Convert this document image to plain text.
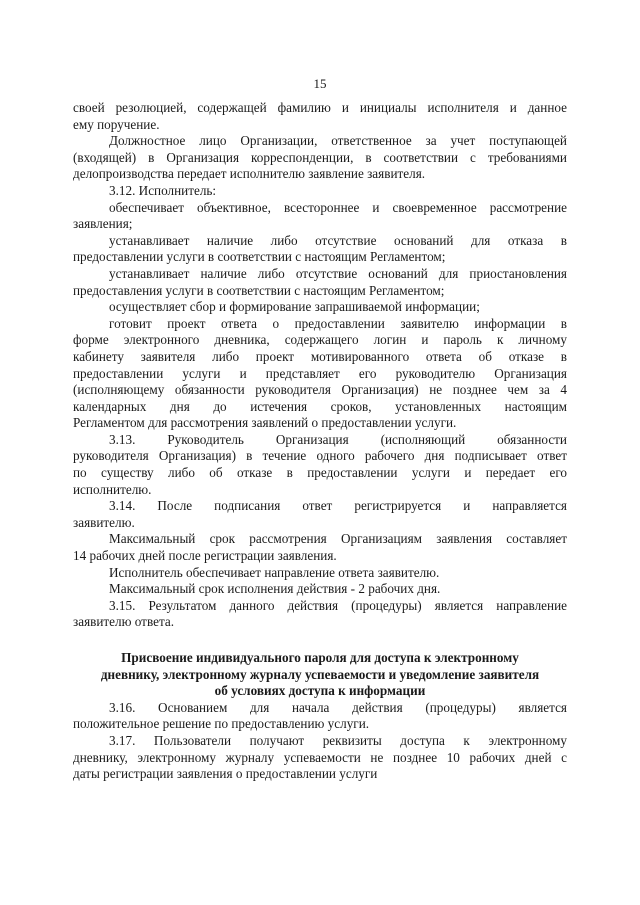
15
своей резолюцией, содержащей фамилию и инициалы исполнителя и данное
ему поручение.
Должностное лицо Организации, ответственное за учет поступающей
(входящей) в Организация корреспонденции, в соответствии с требованиями
делопроизводства передает исполнителю заявление заявителя.
3.12. Исполнитель:
обеспечивает объективное, всестороннее и своевременное рассмотрение
заявления;
устанавливает наличие либо отсутствие оснований для отказа в
предоставлении услуги в соответствии с настоящим Регламентом;
устанавливает наличие либо отсутствие оснований для приостановления
предоставления услуги в соответствии с настоящим Регламентом;
осуществляет сбор и формирование запрашиваемой информации;
готовит проект ответа о предоставлении заявителю информации в
форме электронного дневника, содержащего логин и пароль к личному
кабинету заявителя либо проект мотивированного ответа об отказе в
предоставлении услуги и представляет его руководителю Организация
(исполняющему обязанности руководителя Организация) не позднее чем за 4
календарных дня до истечения сроков, установленных настоящим
Регламентом для рассмотрения заявлений о предоставлении услуги.
3.13. Руководитель Организация (исполняющий обязанности
руководителя Организация) в течение одного рабочего дня подписывает ответ
по существу либо об отказе в предоставлении услуги и передает его
исполнителю.
3.14. После подписания ответ регистрируется и направляется
заявителю.
Максимальный срок рассмотрения Организациям заявления составляет
14 рабочих дней после регистрации заявления.
Исполнитель обеспечивает направление ответа заявителю.
Максимальный срок исполнения действия - 2 рабочих дня.
3.15. Результатом данного действия (процедуры) является направление
заявителю ответа.
Присвоение индивидуального пароля для доступа к электронному
дневнику, электронному журналу успеваемости и уведомление заявителя
об условиях доступа к информации
3.16. Основанием для начала действия (процедуры) является
положительное решение по предоставлению услуги.
3.17. Пользователи получают реквизиты доступа к электронному
дневнику, электронному журналу успеваемости не позднее 10 рабочих дней с
даты регистрации заявления о предоставлении услуги
